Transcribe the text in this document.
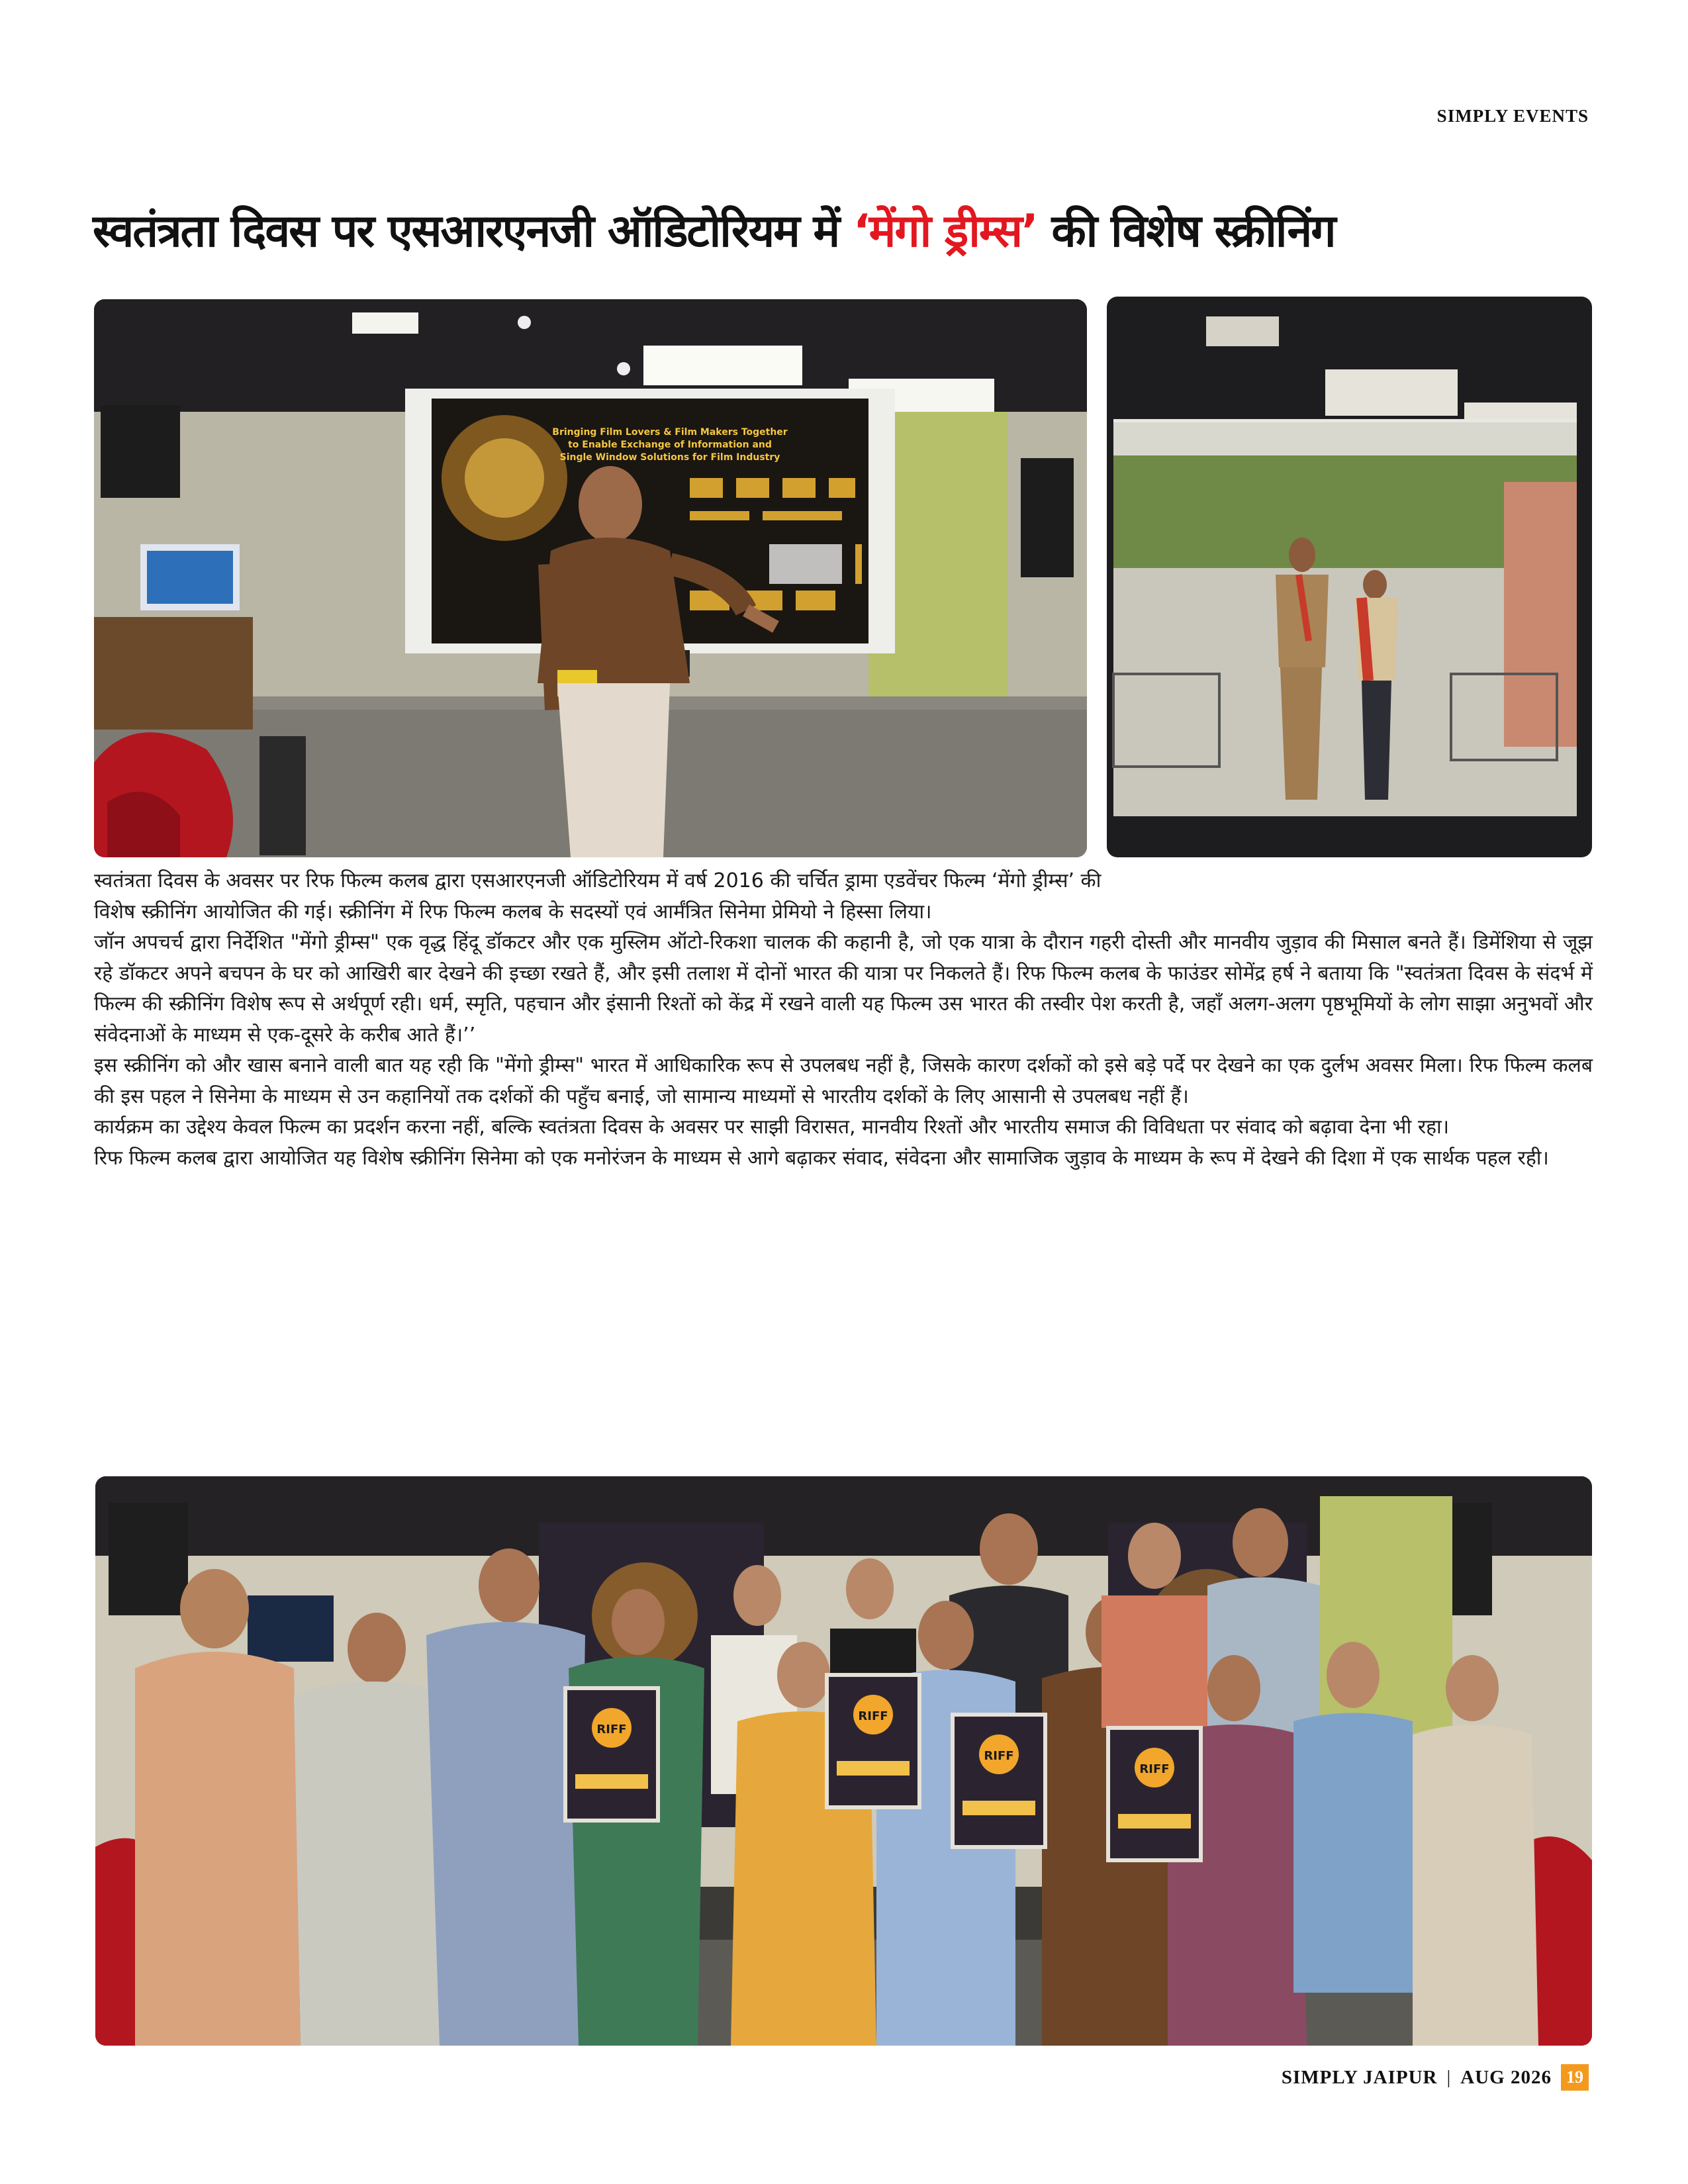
SIMPLY EVENTS
स्वतंत्रता दिवस पर एसआरएनजी ऑडिटोरियम में ‘मेंगो ड्रीम्स’ की विशेष स्क्रीनिंग
Bringing Film Lovers & Film Makers Together
to Enable Exchange of Information and
Single Window Solutions for Film Industry

स्वतंत्रता दिवस के अवसर पर रिफ फिल्म कलब द्वारा एसआरएनजी ऑडिटोरियम में वर्ष 2016 की चर्चित ड्रामा एडवेंचर फिल्म ‘मेंगो ड्रीम्स’ की विशेष स्क्रीनिंग आयोजित की गई। स्क्रीनिंग में रिफ फिल्म कलब के सदस्यों एवं आर्मंत्रित सिनेमा प्रेमियो ने हिस्सा लिया।

जॉन अपचर्च द्वारा निर्देशित "मेंगो ड्रीम्स" एक वृद्ध हिंदू डॉकटर और एक मुस्लिम ऑटो-रिकशा चालक की कहानी है, जो एक यात्रा के दौरान गहरी दोस्ती और मानवीय जुड़ाव की मिसाल बनते हैं। डिमेंशिया से जूझ रहे डॉकटर अपने बचपन के घर को आखिरी बार देखने की इच्छा रखते हैं, और इसी तलाश में दोनों भारत की यात्रा पर निकलते हैं। रिफ फिल्म कलब के फाउंडर सोमेंद्र हर्ष ने बताया कि "स्वतंत्रता दिवस के संदर्भ में फिल्म की स्क्रीनिंग विशेष रूप से अर्थपूर्ण रही। धर्म, स्मृति, पहचान और इंसानी रिश्तों को केंद्र में रखने वाली यह फिल्म उस भारत की तस्वीर पेश करती है, जहाँ अलग-अलग पृष्ठभूमियों के लोग साझा अनुभवों और संवेदनाओं के माध्यम से एक-दूसरे के करीब आते हैं।’’

इस स्क्रीनिंग को और खास बनाने वाली बात यह रही कि "मेंगो ड्रीम्स" भारत में आधिकारिक रूप से उपलबध नहीं है, जिसके कारण दर्शकों को इसे बड़े पर्दे पर देखने का एक दुर्लभ अवसर मिला। रिफ फिल्म कलब की इस पहल ने सिनेमा के माध्यम से उन कहानियों तक दर्शकों की पहुँच बनाई, जो सामान्य माध्यमों से भारतीय दर्शकों के लिए आसानी से उपलबध नहीं हैं।

कार्यक्रम का उद्देश्य केवल फिल्म का प्रदर्शन करना नहीं, बल्कि स्वतंत्रता दिवस के अवसर पर साझी विरासत, मानवीय रिश्तों और भारतीय समाज की विविधता पर संवाद को बढ़ावा देना भी रहा।

रिफ फिल्म कलब द्वारा आयोजित यह विशेष स्क्रीनिंग सिनेमा को एक मनोरंजन के माध्यम से आगे बढ़ाकर संवाद, संवेदना और सामाजिक जुड़ाव के माध्यम के रूप में देखने की दिशा में एक सार्थक पहल रही।

RIFF
RIFF
RIFF
RIFF
SIMPLY JAIPUR | AUG 2026 19
